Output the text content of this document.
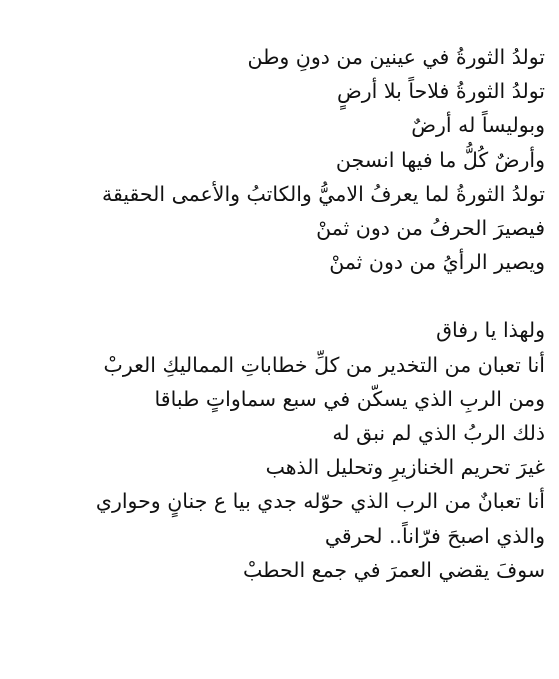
تولدُ الثورةُ في عينين من دونِ وطن
تولدُ الثورةُ فلاحاً بلا أرضٍ
وبوليساً له أرضٌ
وأرضٌ كُلُّ ما فيها انسجن
تولدُ الثورةُ لما يعرفُ الاميُّ والكاتبُ والأعمى الحقيقة
فيصيرَ الحرفُ من دون ثمنْ
ويصير الرأيُ من دون ثمنْ
ولهذا يا رفاق
أنا تعبان من التخدير من كلِّ خطاباتِ المماليكِ العربْ
ومن الربِ الذي يسكّن في سبع سماواتٍ طباقا
ذلك الربُ الذي لم نبق له
غيرَ تحريم الخنازيرِ وتحليل الذهب
أنا تعبانٌ من الرب الذي حوّله جدي بيا ع جنانٍ وحواري
والذي اصبحَ فرّاناً.. لحرقي
سوفَ يقضي العمرَ في جمع الحطبْ
